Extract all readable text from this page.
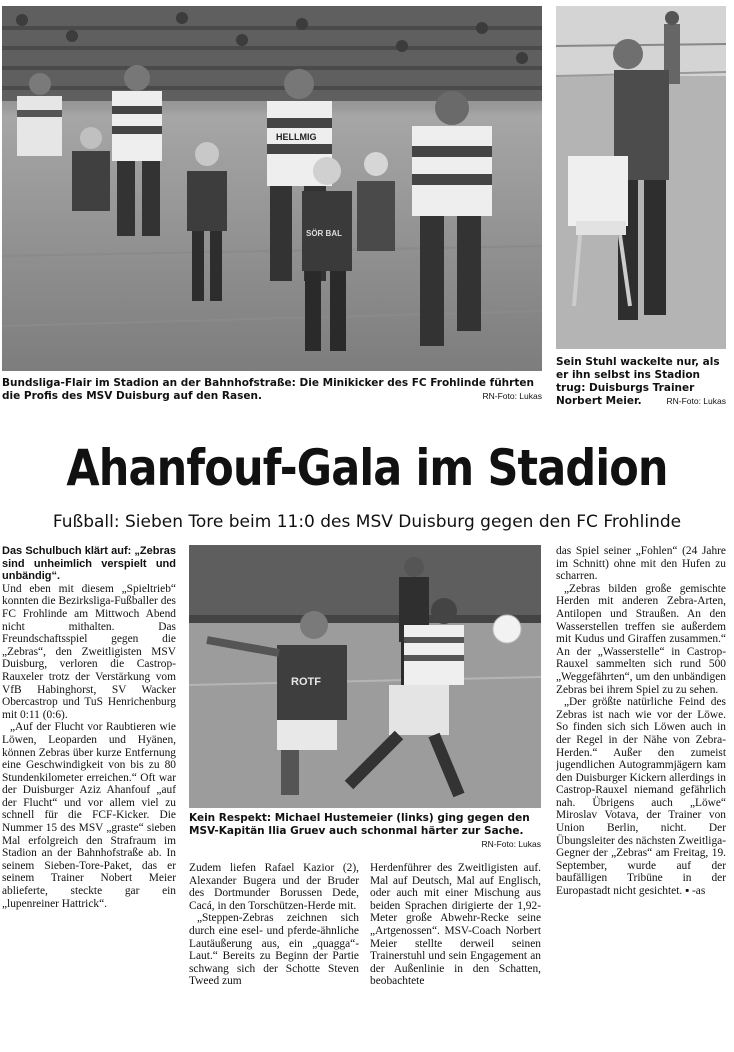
HELLMIG
SÖR BAL
Bundsliga-Flair im Stadion an der Bahnhofstraße: Die Minikicker des FC Frohlinde führten die Profis des MSV Duisburg auf den Rasen.	RN-Foto: Lukas
Sein Stuhl wackelte nur, als er ihn selbst ins Stadion trug: Duisburgs Trainer Norbert Meier.	RN-Foto: Lukas
Ahanfouf-Gala im Stadion
Fußball: Sieben Tore beim 11:0 des MSV Duisburg gegen den FC Frohlinde
ROTF
Kein Respekt: Michael Hustemeier (links) ging gegen den MSV-Kapitän Ilia Gruev auch schonmal härter zur Sache.
RN-Foto: Lukas

Das Schulbuch klärt auf: „Zebras sind unheimlich verspielt und unbändig“.

Und eben mit diesem „Spieltrieb“ konnten die Bezirksliga-Fußballer des FC Frohlinde am Mittwoch Abend nicht mithalten. Das Freundschaftsspiel gegen die „Zebras“, den Zweitligisten MSV Duisburg, verloren die Castrop-Rauxeler trotz der Verstärkung vom VfB Habinghorst, SV Wacker Obercastrop und TuS Henrichenburg mit 0:11 (0:6).

„Auf der Flucht vor Raubtieren wie Löwen, Leoparden und Hyänen, können Zebras über kurze Entfernung eine Geschwindigkeit von bis zu 80 Stundenkilometer erreichen.“ Oft war der Duisburger Aziz Ahanfouf „auf der Flucht“ und vor allem viel zu schnell für die FCF-Kicker. Die Nummer 15 des MSV „graste“ sieben Mal erfolgreich den Strafraum im Stadion an der Bahnhofstraße ab. In seinem Sieben-Tore-Paket, das er seinem Trainer Nobert Meier ablieferte, steckte gar ein „lupenreiner Hattrick“.

Zudem liefen Rafael Kazior (2), Alexander Bugera und der Bruder des Dortmunder Borussen Dede, Cacá, in den Torschützen-Herde mit.

„Steppen-Zebras zeichnen sich durch eine esel- und pferde-ähnliche Lautäußerung aus, ein „quagga“-Laut.“ Bereits zu Beginn der Partie schwang sich der Schotte Steven Tweed zum

Herdenführer des Zweitligisten auf. Mal auf Deutsch, Mal auf Englisch, oder auch mit einer Mischung aus beiden Sprachen dirigierte der 1,92-Meter große Abwehr-Recke seine „Artgenossen“. MSV-Coach Norbert Meier stellte derweil seinen Trainerstuhl und sein Engagement an der Außenlinie in den Schatten, beobachtete

das Spiel seiner „Fohlen“ (24 Jahre im Schnitt) ohne mit den Hufen zu scharren.

„Zebras bilden große gemischte Herden mit anderen Zebra-Arten, Antilopen und Straußen. An den Wasserstellen treffen sie außerdem mit Kudus und Giraffen zusammen.“ An der „Wasserstelle“ in Castrop-Rauxel sammelten sich rund 500 „Weggefährten“, um den unbändigen Zebras bei ihrem Spiel zu zu sehen.

„Der größte natürliche Feind des Zebras ist nach wie vor der Löwe. So finden sich sich Löwen auch in der Regel in der Nähe von Zebra-Herden.“ Außer den zumeist jugendlichen Autogrammjägern kam den Duisburger Kickern allerdings in Castrop-Rauxel niemand gefährlich nah. Übrigens auch „Löwe“ Miroslav Votava, der Trainer von Union Berlin, nicht. Der Übungsleiter des nächsten Zweitliga-Gegner der „Zebras“ am Freitag, 19. September, wurde auf der baufälligen Tribüne in der Europastadt nicht gesichtet. ▪ -as
